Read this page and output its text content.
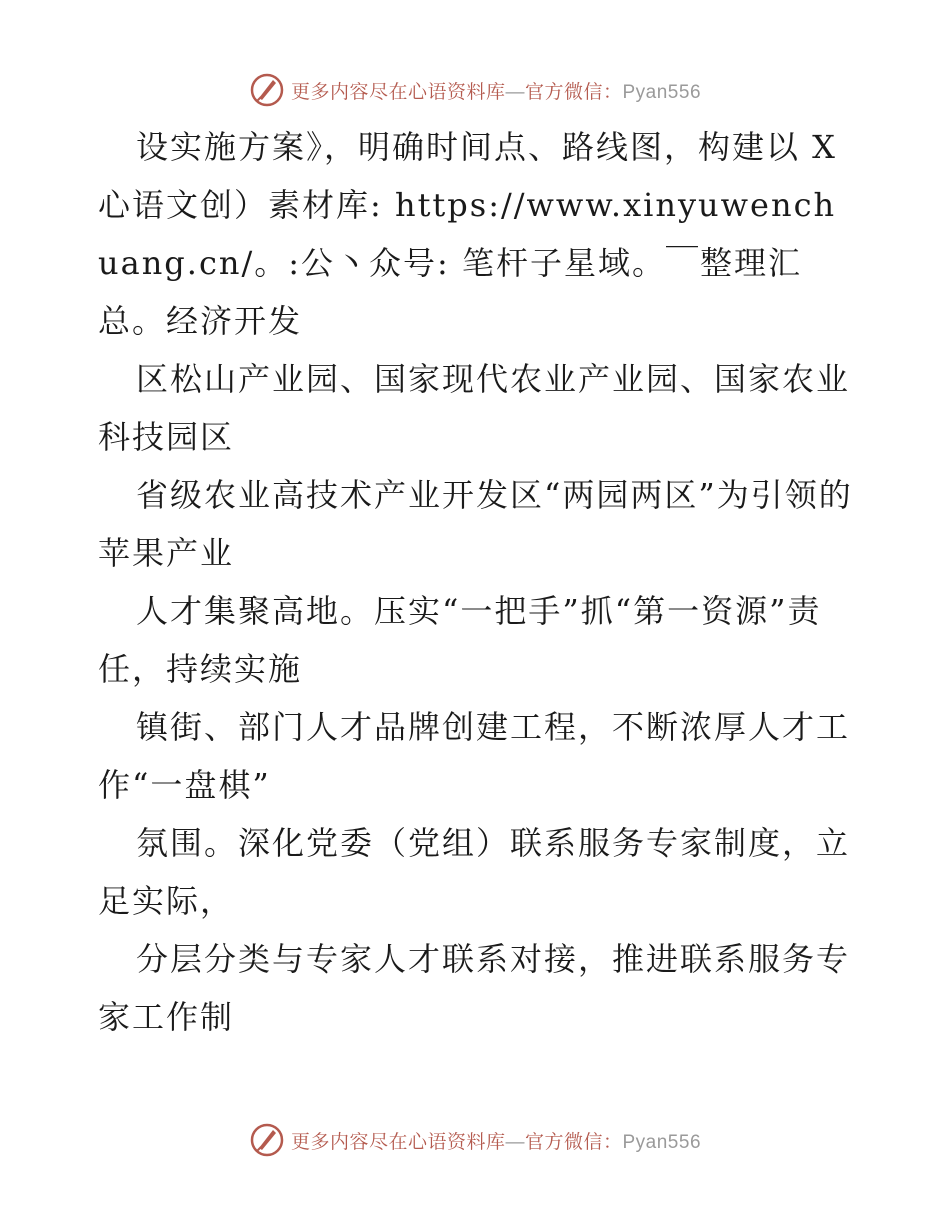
更多内容尽在心语资料库—官方微信：Pyan556

设实施方案》，明确时间点、路线图，构建以 X 心语文创）素材库: https://www.xinyuwenchuang.cn/。:公丶众号: 笔杆子星域。￣整理汇总。经济开发

区松山产业园、国家现代农业产业园、国家农业科技园区

省级农业高技术产业开发区“两园两区”为引领的苹果产业

人才集聚高地。压实“一把手”抓“第一资源”责任，持续实施

镇街、部门人才品牌创建工程，不断浓厚人才工作“一盘棋”

氛围。深化党委（党组）联系服务专家制度，立足实际，

分层分类与专家人才联系对接，推进联系服务专家工作制

更多内容尽在心语资料库—官方微信：Pyan556
